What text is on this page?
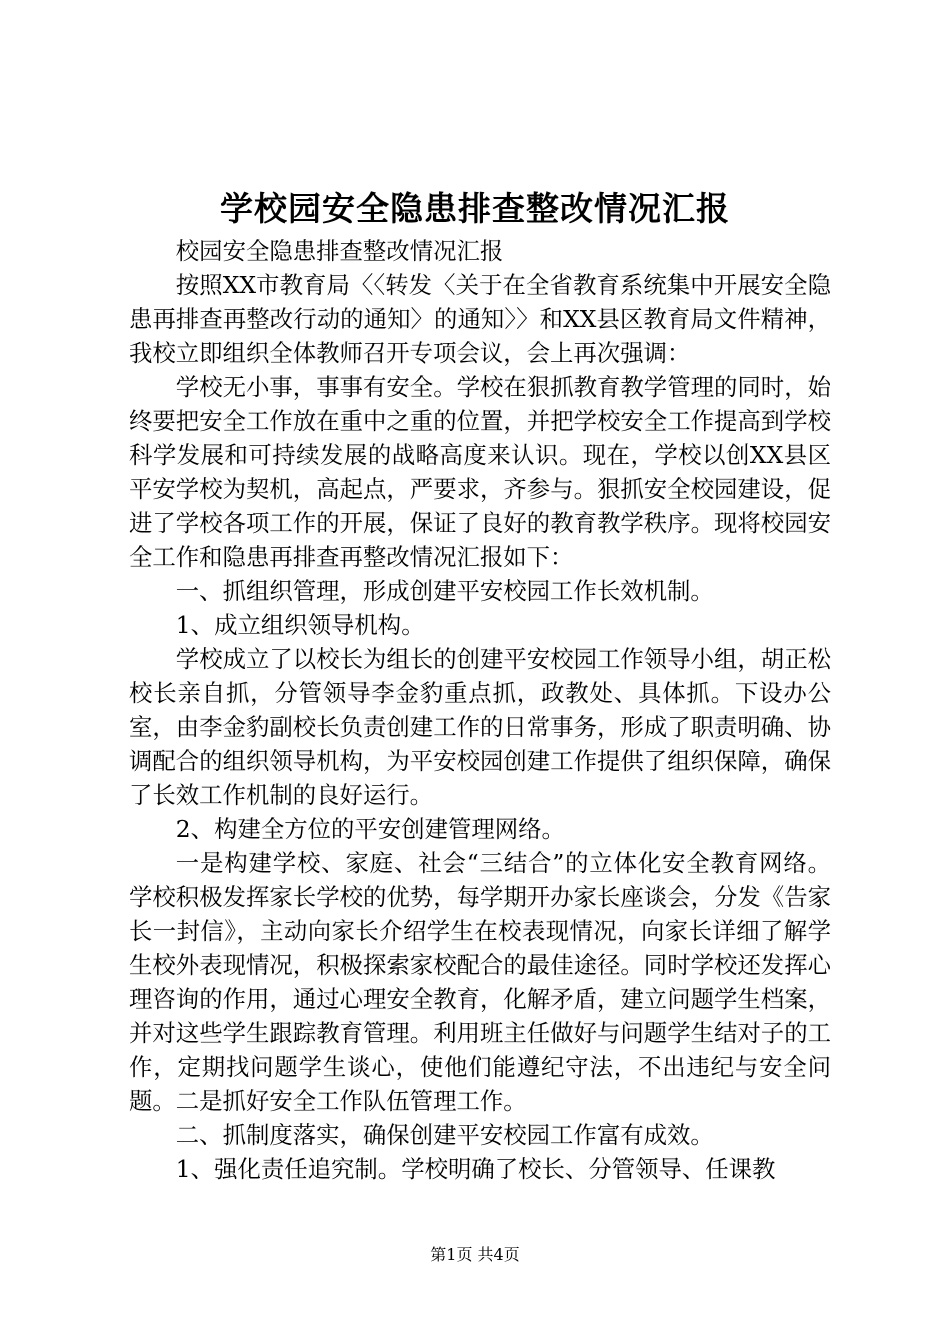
学校园安全隐患排查整改情况汇报

校园安全隐患排查整改情况汇报

按照XX市教育局〈〈转发〈关于在全省教育系统集中开展安全隐患再排查再整改行动的通知〉的通知〉〉和XX县区教育局文件精神，我校立即组织全体教师召开专项会议，会上再次强调：

学校无小事，事事有安全。学校在狠抓教育教学管理的同时，始终要把安全工作放在重中之重的位置，并把学校安全工作提高到学校科学发展和可持续发展的战略高度来认识。现在，学校以创XX县区平安学校为契机，高起点，严要求，齐参与。狠抓安全校园建设，促进了学校各项工作的开展，保证了良好的教育教学秩序。现将校园安全工作和隐患再排查再整改情况汇报如下：

一、抓组织管理，形成创建平安校园工作长效机制。

1、成立组织领导机构。

学校成立了以校长为组长的创建平安校园工作领导小组，胡正松校长亲自抓，分管领导李金豹重点抓，政教处、具体抓。下设办公室，由李金豹副校长负责创建工作的日常事务，形成了职责明确、协调配合的组织领导机构，为平安校园创建工作提供了组织保障，确保了长效工作机制的良好运行。

2、构建全方位的平安创建管理网络。

一是构建学校、家庭、社会“三结合”的立体化安全教育网络。学校积极发挥家长学校的优势，每学期开办家长座谈会，分发《告家长一封信》，主动向家长介绍学生在校表现情况，向家长详细了解学生校外表现情况，积极探索家校配合的最佳途径。同时学校还发挥心理咨询的作用，通过心理安全教育，化解矛盾，建立问题学生档案，并对这些学生跟踪教育管理。利用班主任做好与问题学生结对子的工作，定期找问题学生谈心，使他们能遵纪守法，不出违纪与安全问题。二是抓好安全工作队伍管理工作。

二、抓制度落实，确保创建平安校园工作富有成效。

1、强化责任追究制。学校明确了校长、分管领导、任课教

第1页 共4页
